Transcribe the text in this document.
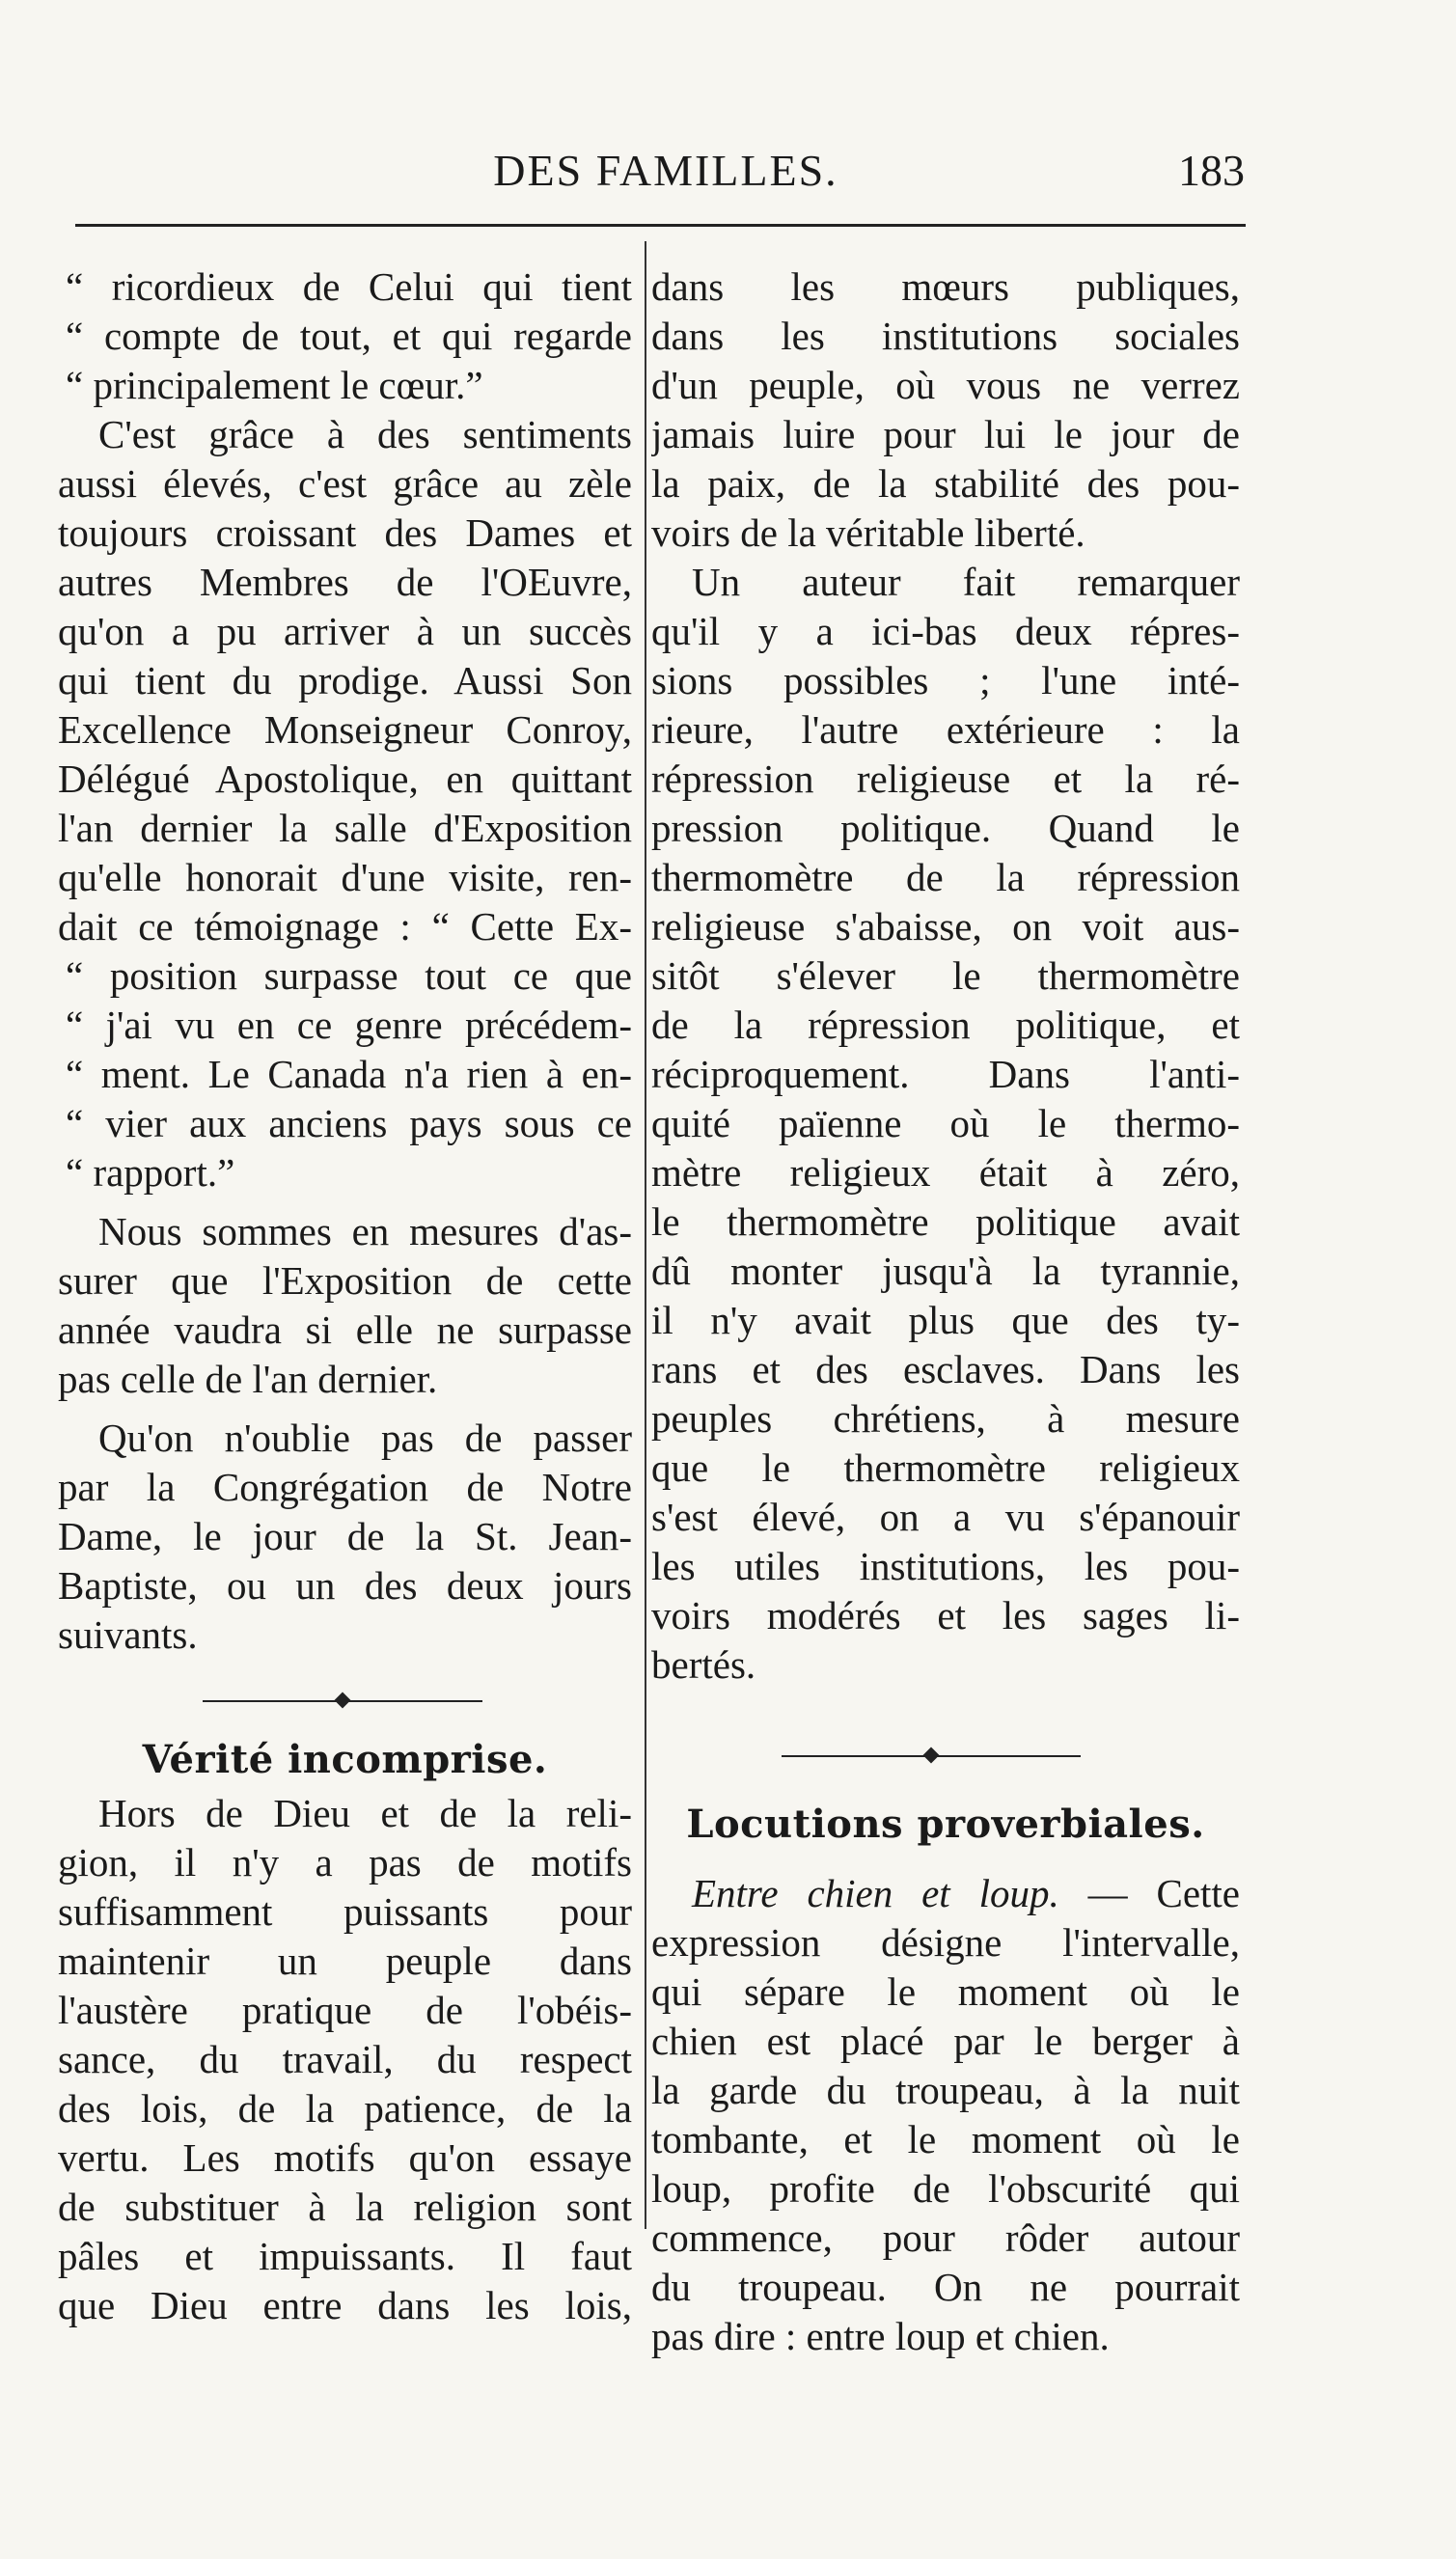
DES FAMILLES.	183
“ ricordieux de Celui qui tient
“ compte de tout, et qui regarde
“ principalement le cœur.”
C'est grâce à des sentiments
aussi élevés, c'est grâce au zèle
toujours croissant des Dames et
autres Membres de l'OEuvre,
qu'on a pu arriver à un succès
qui tient du prodige. Aussi Son
Excellence Monseigneur Conroy,
Délégué Apostolique, en quittant
l'an dernier la salle d'Exposition
qu'elle honorait d'une visite, ren-
dait ce témoignage : “ Cette Ex-
“ position surpasse tout ce que
“ j'ai vu en ce genre précédem-
“ ment. Le Canada n'a rien à en-
“ vier aux anciens pays sous ce
“ rapport.”
Nous sommes en mesures d'as-
surer que l'Exposition de cette
année vaudra si elle ne surpasse
pas celle de l'an dernier.
Qu'on n'oublie pas de passer
par la Congrégation de Notre
Dame, le jour de la St. Jean-
Baptiste, ou un des deux jours
suivants.
Vérité incomprise.
Hors de Dieu et de la reli-
gion, il n'y a pas de motifs
suffisamment puissants pour
maintenir un peuple dans
l'austère pratique de l'obéis-
sance, du travail, du respect
des lois, de la patience, de la
vertu. Les motifs qu'on essaye
de substituer à la religion sont
pâles et impuissants. Il faut
que Dieu entre dans les lois,
dans les mœurs publiques,
dans les institutions sociales
d'un peuple, où vous ne verrez
jamais luire pour lui le jour de
la paix, de la stabilité des pou-
voirs de la véritable liberté.
Un auteur fait remarquer
qu'il y a ici-bas deux répres-
sions possibles ; l'une inté-
rieure, l'autre extérieure : la
répression religieuse et la ré-
pression politique. Quand le
thermomètre de la répression
religieuse s'abaisse, on voit aus-
sitôt s'élever le thermomètre
de la répression politique, et
réciproquement. Dans l'anti-
quité païenne où le thermo-
mètre religieux était à zéro,
le thermomètre politique avait
dû monter jusqu'à la tyrannie,
il n'y avait plus que des ty-
rans et des esclaves. Dans les
peuples chrétiens, à mesure
que le thermomètre religieux
s'est élevé, on a vu s'épanouir
les utiles institutions, les pou-
voirs modérés et les sages li-
bertés.
Locutions proverbiales.
Entre chien et loup. — Cette
expression désigne l'intervalle,
qui sépare le moment où le
chien est placé par le berger à
la garde du troupeau, à la nuit
tombante, et le moment où le
loup, profite de l'obscurité qui
commence, pour rôder autour
du troupeau. On ne pourrait
pas dire : entre loup et chien.
